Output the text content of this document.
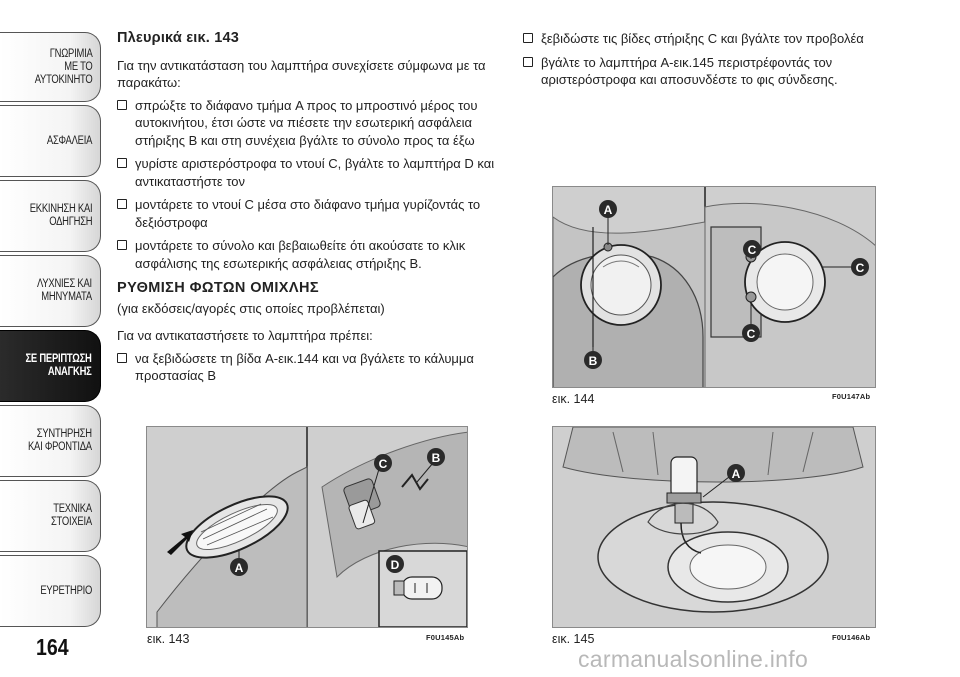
ΓΝΩΡΙΜΙΑ
ΜΕ ΤΟ
ΑΥΤΟΚΙΝΗΤΟ
ΑΣΦΑΛΕΙΑ
ΕΚΚΙΝΗΣΗ ΚΑΙ
ΟΔΗΓΗΣΗ
ΛΥΧΝΙΕΣ ΚΑΙ
ΜΗΝΥΜΑΤΑ
ΣΕ ΠΕΡΙΠΤΩΣΗ
ΑΝΑΓΚΗΣ
ΣΥΝΤΗΡΗΣΗ
ΚΑΙ ΦΡΟΝΤΙΔΑ
ΤΕΧΝΙΚΑ
ΣΤΟΙΧΕΙΑ
ΕΥΡΕΤΗΡΙΟ
164
Πλευρικά εικ. 143

Για την αντικατάσταση του λαμπτήρα συνεχίσετε σύμφωνα με τα παρακάτω:

σπρώξτε το διάφανο τμήμα A προς το μπροστινό μέρος του αυτοκινήτου, έτσι ώστε να πιέσετε την εσωτερική ασφάλεια στήριξης B και στη συνέχεια βγάλτε το σύνολο προς τα έξω
γυρίστε αριστερόστροφα το ντουί C, βγάλτε το λαμπτήρα D και αντικαταστήστε τον
μοντάρετε το ντουί C μέσα στο διάφανο τμήμα γυρίζοντάς το δεξιόστροφα
μοντάρετε το σύνολο και βεβαιωθείτε ότι ακούσατε το κλικ ασφάλισης της εσωτερικής ασφάλειας στήριξης B.
ΡΥΘΜΙΣΗ ΦΩΤΩΝ ΟΜΙΧΛΗΣ

(για εκδόσεις/αγορές στις οποίες προβλέπεται)

Για να αντικαταστήσετε το λαμπτήρα πρέπει:

να ξεβιδώσετε τη βίδα A-εικ.144 και να βγάλετε το κάλυμμα προστασίας B
ξεβιδώστε τις βίδες στήριξης C και βγάλτε τον προβολέα
βγάλτε το λαμπτήρα A-εικ.145 περιστρέφοντάς τον αριστερόστροφα και αποσυνδέστε το φις σύνδεσης.
A
C	B
D
εικ. 143	F0U145Ab
A
B
C
C
C
εικ. 144	F0U147Ab
A
εικ. 145	F0U146Ab
carmanualsonline.info
